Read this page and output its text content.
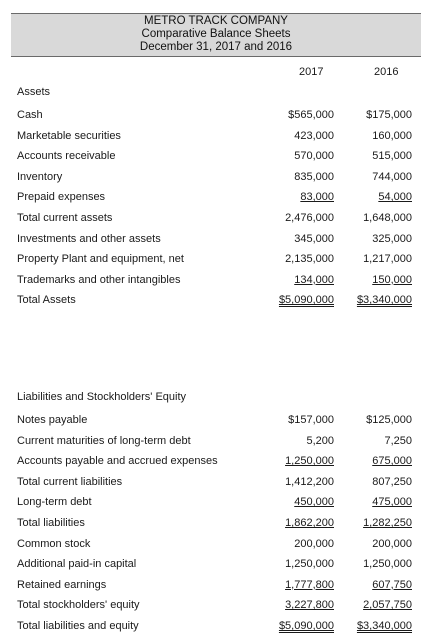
METRO TRACK COMPANY
Comparative Balance Sheets
December 31, 2017 and 2016
2017	2016
Assets
Cash	$565,000	$175,000
Marketable securities	423,000	160,000
Accounts receivable	570,000	515,000
Inventory	835,000	744,000
Prepaid expenses	83,000	54,000
Total current assets	2,476,000	1,648,000
Investments and other assets	345,000	325,000
Property Plant and equipment, net	2,135,000	1,217,000
Trademarks and other intangibles	134,000	150,000
Total Assets	$5,090,000 $3,340,000
Liabilities and Stockholders' Equity
Notes payable	$157,000	$125,000
Current maturities of long-term debt	5,200	7,250
Accounts payable and accrued expenses	1,250,000	675,000
Total current liabilities	1,412,200	807,250
Long-term debt	450,000	475,000
Total liabilities	1,862,200	1,282,250
Common stock	200,000	200,000
Additional paid-in capital	1,250,000	1,250,000
Retained earnings	1,777,800	607,750
Total stockholders' equity	3,227,800	2,057,750
Total liabilities and equity	$5,090,000 $3,340,000
